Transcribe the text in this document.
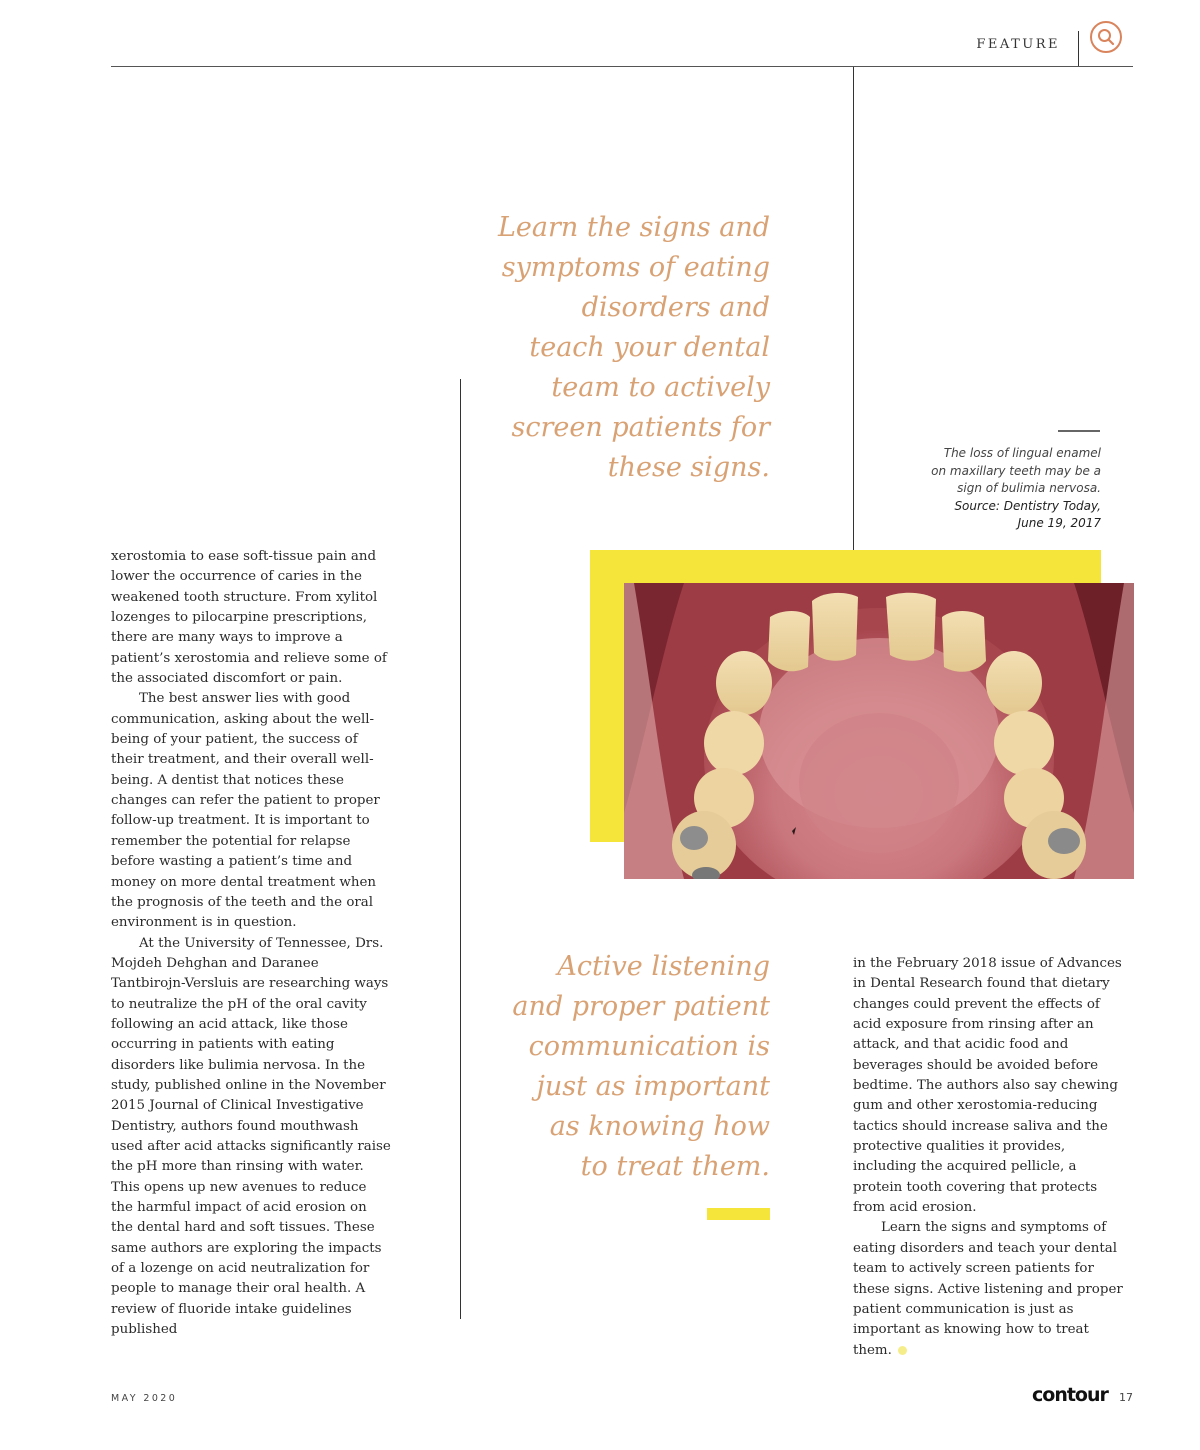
FEATURE
Learn the signs and
symptoms of eating
disorders and
teach your dental
team to actively
screen patients for
these signs.	The loss of lingual enamel
on maxillary teeth may be a
sign of bulimia nervosa.
Source: Dentistry Today,
June 19, 2017

xerostomia to ease soft-tissue pain and lower the occurrence of caries in the weakened tooth structure. From xylitol lozenges to pilocarpine prescriptions, there are many ways to improve a patient’s xerostomia and relieve some of the associated discomfort or pain.

The best answer lies with good communication, asking about the well-being of your patient, the success of their treatment, and their overall well-being. A dentist that notices these changes can refer the patient to proper follow-up treatment. It is important to remember the potential for relapse before wasting a patient’s time and money on more dental treatment when the prognosis of the teeth and the oral environment is in question.

At the University of Tennessee, Drs. Mojdeh Dehghan and Daranee Tantbirojn-Versluis are researching ways to neutralize the pH of the oral cavity following an acid attack, like those occurring in patients with eating disorders like bulimia nervosa. In the study, published online in the November 2015 Journal of Clinical Investigative Dentistry, authors found mouthwash used after acid attacks significantly raise the pH more than rinsing with water. This opens up new avenues to reduce the harmful impact of acid erosion on the dental hard and soft tissues. These same authors are exploring the impacts of a lozenge on acid neutralization for people to manage their oral health. A review of fluoride intake guidelines published

Active listening
and proper patient
communication is
just as important
as knowing how
to treat them.

in the February 2018 issue of Advances in Dental Research found that dietary changes could prevent the effects of acid exposure from rinsing after an attack, and that acidic food and beverages should be avoided before bedtime. The authors also say chewing gum and other xerostomia-reducing tactics should increase saliva and the protective qualities it provides, including the acquired pellicle, a protein tooth covering that protects from acid erosion.

Learn the signs and symptoms of eating disorders and teach your dental team to actively screen patients for these signs. Active listening and proper patient communication is just as important as knowing how to treat them.

MAY 2020	contour 17
